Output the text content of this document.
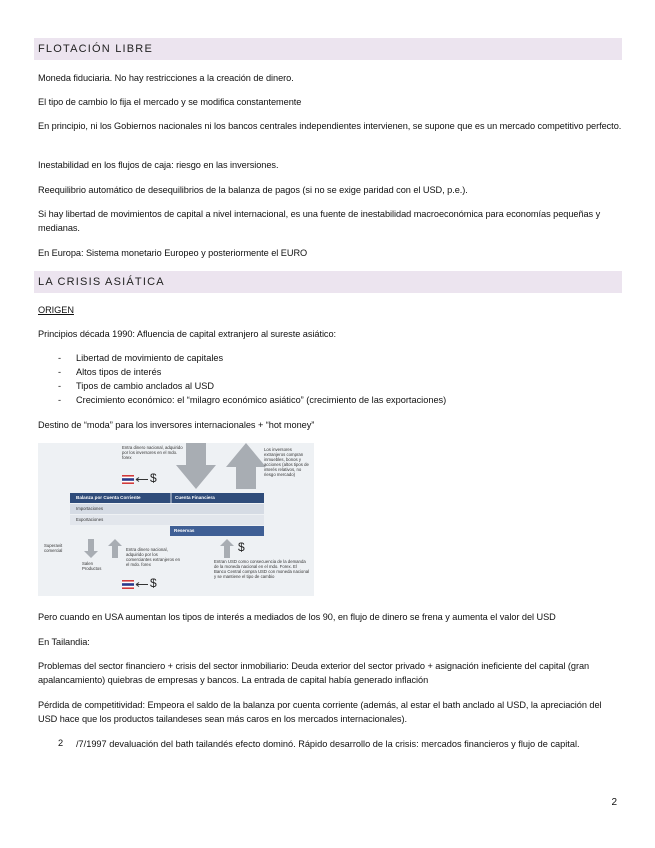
FLOTACIÓN LIBRE
Moneda fiduciaria. No hay restricciones a la creación de dinero.
El tipo de cambio lo fija el mercado y se modifica constantemente
En principio, ni los Gobiernos nacionales ni los bancos centrales independientes intervienen, se supone que es un mercado competitivo perfecto.
Inestabilidad en los flujos de caja: riesgo en las inversiones.
Reequilibrio automático de desequilibrios de la balanza de pagos (si no se exige paridad con el USD, p.e.).
Si hay libertad de movimientos de capital a nivel internacional, es una fuente de inestabilidad macroeconómica para economías pequeñas y medianas.
En Europa: Sistema monetario Europeo y posteriormente el EURO
LA CRISIS ASIÁTICA
ORIGEN
Principios década 1990: Afluencia de capital extranjero al sureste asiático:
- Libertad de movimiento de capitales
- Altos tipos de interés
- Tipos de cambio anclados al USD
- Crecimiento económico: el “milagro económico asiático” (crecimiento de las exportaciones)
Destino de “moda” para los inversores internacionales + “hot money”
Entra dinero nacional, adquirido por los inversores en el mdo. forex
Los inversores extranjeros compran inmuebles, bonos y acciones (altos tipos de interés relativos, no riesgo mercado)
$
Balanza por Cuenta Corriente	Cuenta Financiera
Importaciones
Exportaciones
Reservas
Superavit comercial
Salen Productos
Entra dinero nacional, adquirido por los comerciantes extranjeros en el mdo. forex
$
$
Entran USD como consecuencia de la demanda de la moneda nacional en el mdo. Forex. El Banco Central compra USD con moneda nacional y se mantiene el tipo de cambio
Pero cuando en USA aumentan los tipos de interés a mediados de los 90, en flujo de dinero se frena y aumenta el valor del USD
En Tailandia:
Problemas del sector financiero + crisis del sector inmobiliario: Deuda exterior del sector privado + asignación ineficiente del capital (gran apalancamiento) quiebras de empresas y bancos. La entrada de capital había generado inflación
Pérdida de competitividad: Empeora el saldo de la balanza por cuenta corriente (además, al estar el bath anclado al USD, la apreciación del USD hace que los productos tailandeses sean más caros en los mercados internacionales).
2 /7/1997 devaluación del bath tailandés efecto dominó. Rápido desarrollo de la crisis: mercados financieros y flujo de capital.
2
